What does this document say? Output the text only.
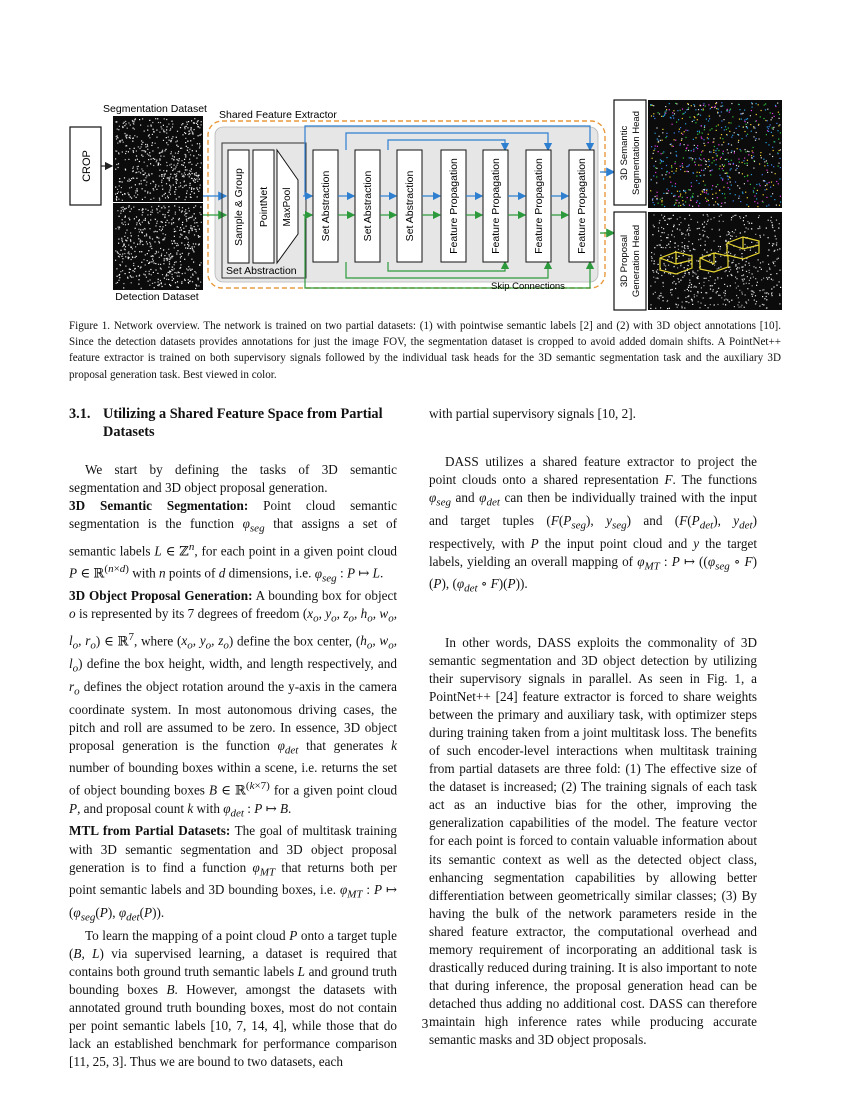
CROP
Segmentation Dataset
Detection Dataset
Shared Feature Extractor
Sample & Group PointNet MaxPool
Set Abstraction
Set Abstraction	Set Abstraction	Set Abstraction	Feature Propagation	Feature Propagation	Feature Propagation	Feature Propagation
Skip Connections
3D Semantic Segmentation Head
3D Proposal Generation Head
Figure 1. Network overview. The network is trained on two partial datasets: (1) with pointwise semantic labels [2] and (2) with 3D object annotations [10]. Since the detection datasets provides annotations for just the image FOV, the segmentation dataset is cropped to avoid added domain shifts. A PointNet++ feature extractor is trained on both supervisory signals followed by the individual task heads for the 3D semantic segmentation task and the auxiliary 3D proposal generation task. Best viewed in color.
3.1. Utilizing a Shared Feature Space from Partial Datasets

We start by defining the tasks of 3D semantic segmentation and 3D object proposal generation.

3D Semantic Segmentation: Point cloud semantic segmentation is the function $\varphi_{seg}$ that assigns a set of semantic labels L ∈ ℤ$^n$, for each point in a given point cloud P ∈ ℝ$^{(n\times d)}$ with n points of d dimensions, i.e. $\varphi_{seg}$ : P ↦ L.

3D Object Proposal Generation: A bounding box for object o is represented by its 7 degrees of freedom ($x_o$, $y_o$, $z_o$, $h_o$, $w_o$, $l_o$, $r_o$) ∈ ℝ$^7$, where ($x_o$, $y_o$, $z_o$) define the box center, ($h_o$, $w_o$, $l_o$) define the box height, width, and length respectively, and $r_o$ defines the object rotation around the y-axis in the camera coordinate system. In most autonomous driving cases, the pitch and roll are assumed to be zero. In essence, 3D object proposal generation is the function $\varphi_{det}$ that generates k number of bounding boxes within a scene, i.e. returns the set of object bounding boxes B ∈ ℝ$^{(k\times 7)}$ for a given point cloud P, and proposal count k with $\varphi_{det}$ : P ↦ B.

MTL from Partial Datasets: The goal of multitask training with 3D semantic segmentation and 3D object proposal generation is to find a function $\varphi_{MT}$ that returns both per point semantic labels and 3D bounding boxes, i.e. $\varphi_{MT}$ : P ↦ ($\varphi_{seg}(P)$, $\varphi_{det}(P)$).

To learn the mapping of a point cloud P onto a target tuple (B, L) via supervised learning, a dataset is required that contains both ground truth semantic labels L and ground truth bounding boxes B. However, amongst the datasets with annotated ground truth bounding boxes, most do not contain per point semantic labels [10, 7, 14, 4], while those that do lack an established benchmark for performance comparison [11, 25, 3]. Thus we are bound to two datasets, each

with partial supervisory signals [10, 2].

DASS utilizes a shared feature extractor to project the point clouds onto a shared representation F. The functions $\varphi_{seg}$ and $\varphi_{det}$ can then be individually trained with the input and target tuples ($F(P_{seg})$, $y_{seg}$) and ($F(P_{det})$, $y_{det}$) respectively, with P the input point cloud and y the target labels, yielding an overall mapping of $\varphi_{MT}$ : P ↦ (($\varphi_{seg}$ ∘ F)(P), ($\varphi_{det}$ ∘ F)(P)).

In other words, DASS exploits the commonality of 3D semantic segmentation and 3D object detection by utilizing their supervisory signals in parallel. As seen in Fig. 1, a PointNet++ [24] feature extractor is forced to share weights between the primary and auxiliary task, with optimizer steps during training taken from a joint multitask loss. The benefits of such encoder-level interactions when multitask training from partial datasets are three fold: (1) The effective size of the dataset is increased; (2) The training signals of each task act as an inductive bias for the other, improving the generalization capabilities of the model. The feature vector for each point is forced to contain valuable information about its semantic context as well as the detected object class, enhancing segmentation capabilities by allowing better differentiation between geometrically similar classes; (3) By having the bulk of the network parameters reside in the shared feature extractor, the computational overhead and memory requirement of incorporating an additional task is drastically reduced during training. It is also important to note that during inference, the proposal generation head can be detached thus adding no additional cost. DASS can therefore maintain high inference rates while producing accurate semantic masks and 3D object proposals.

3
